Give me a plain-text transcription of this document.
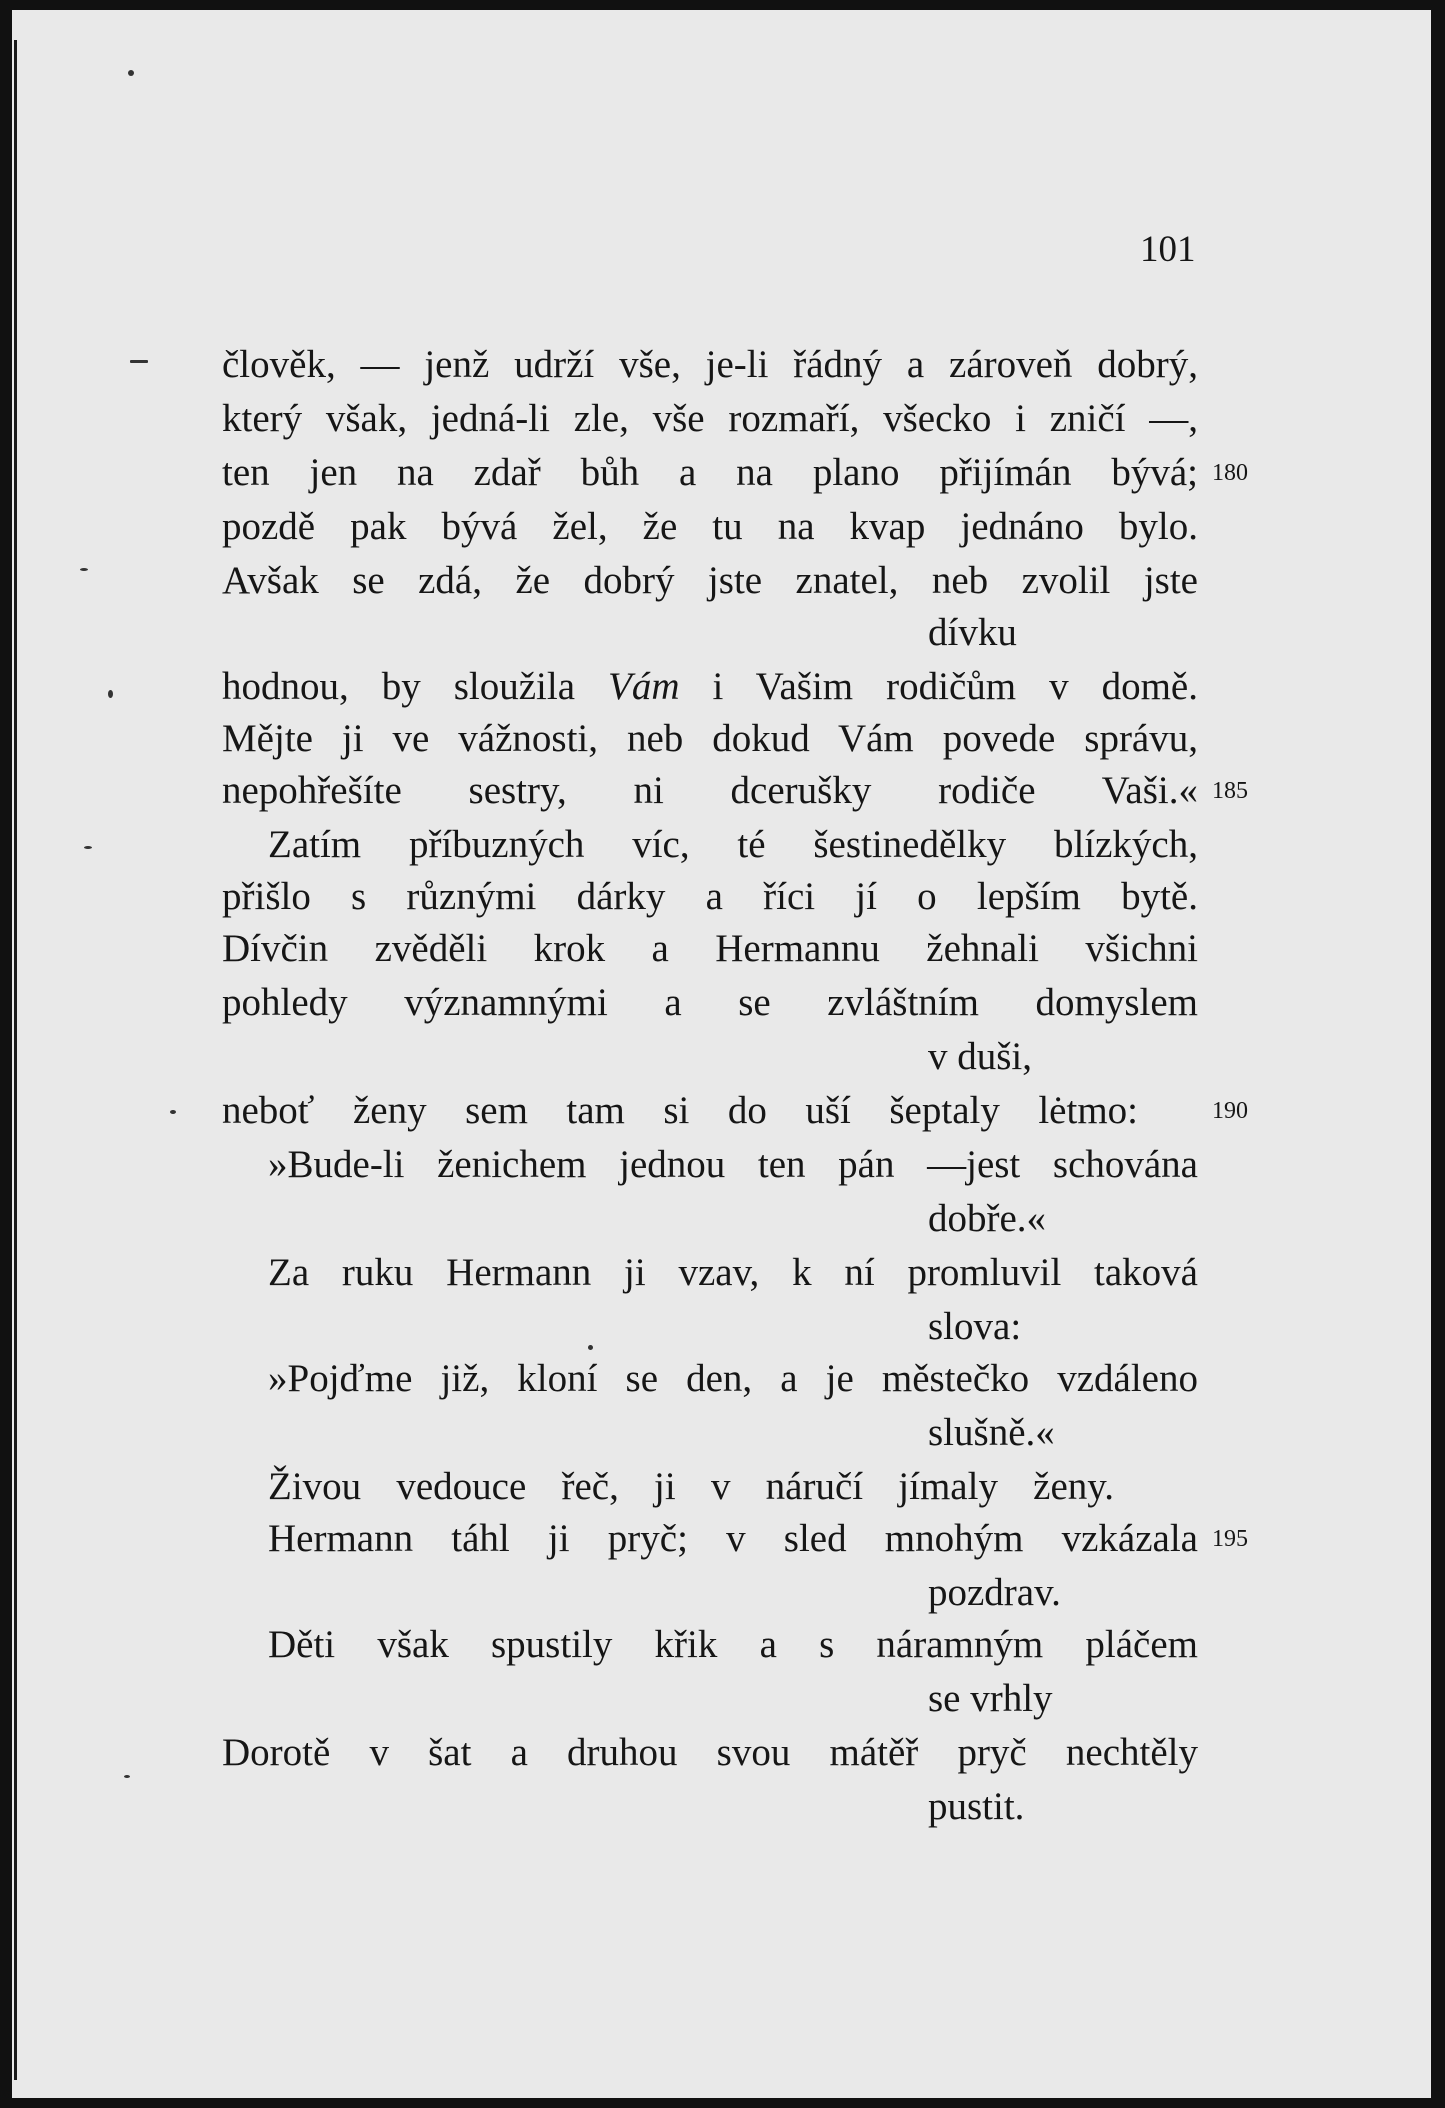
101
člověk, — jenž udrží vše, je-li řádný a zároveň dobrý,
který však, jedná-li zle, vše rozmaří, všecko i zničí —,
ten jen na zdař bůh a na plano přijímán bývá; 180
pozdě pak bývá žel, že tu na kvap jednáno bylo.
Avšak se zdá, že dobrý jste znatel, neb zvolil jste
dívku
hodnou, by sloužila Vám i Vašim rodičům v domě.
Mějte ji ve vážnosti, neb dokud Vám povede správu,
nepohřešíte sestry, ni dcerušky rodiče Vaši.« 185
Zatím příbuzných víc, té šestinedělky blízkých,
přišlo s různými dárky a říci jí o lepším bytě.
Dívčin zvěděli krok a Hermannu žehnali všichni
pohledy významnými a se zvláštním domyslem
v duši,
neboť ženy sem tam si do uší šeptaly lėtmo:	190
»Bude-li ženichem jednou ten pán —jest schována
dobře.«
Za ruku Hermann ji vzav, k ní promluvil taková
slova:
»Pojďme již, kloní se den, a je městečko vzdáleno
slušně.«
Živou vedouce řeč, ji v náručí jímaly ženy.
Hermann táhl ji pryč; v sled mnohým vzkázala 195
pozdrav.
Děti však spustily křik a s náramným pláčem
se vrhly
Dorotě v šat a druhou svou mátěř pryč nechtěly
pustit.
